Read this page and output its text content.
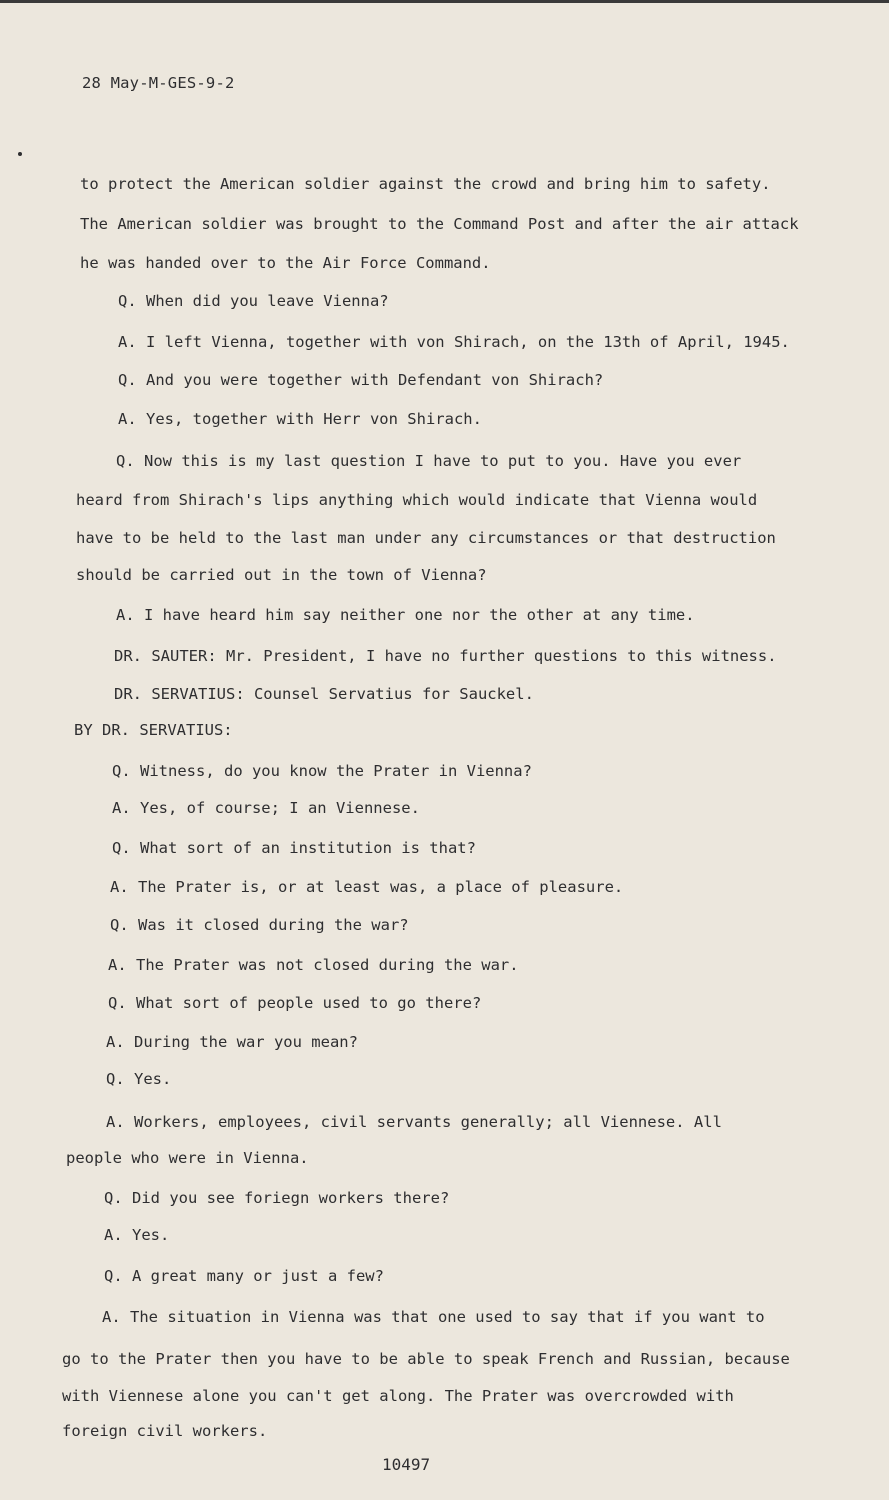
28 May-M-GES-9-2
to protect the American soldier against the crowd and bring him to safety.
The American soldier was brought to the Command Post and after the air attack
he was handed over to the Air Force Command.
Q. When did you leave Vienna?
A. I left Vienna, together with von Shirach, on the 13th of April, 1945.
Q. And you were together with Defendant von Shirach?
A. Yes, together with Herr von Shirach.
Q. Now this is my last question I have to put to you. Have you ever
heard from Shirach's lips anything which would indicate that Vienna would
have to be held to the last man under any circumstances or that destruction
should be carried out in the town of Vienna?
A. I have heard him say neither one nor the other at any time.
DR. SAUTER: Mr. President, I have no further questions to this witness.
DR. SERVATIUS: Counsel Servatius for Sauckel.
BY DR. SERVATIUS:
Q. Witness, do you know the Prater in Vienna?
A. Yes, of course; I an Viennese.
Q. What sort of an institution is that?
A. The Prater is, or at least was, a place of pleasure.
Q. Was it closed during the war?
A. The Prater was not closed during the war.
Q. What sort of people used to go there?
A. During the war you mean?
Q. Yes.
A. Workers, employees, civil servants generally; all Viennese. All
people who were in Vienna.
Q. Did you see foriegn workers there?
A. Yes.
Q. A great many or just a few?
A. The situation in Vienna was that one used to say that if you want to
go to the Prater then you have to be able to speak French and Russian, because
with Viennese alone you can't get along. The Prater was overcrowded with
foreign civil workers.
10497
